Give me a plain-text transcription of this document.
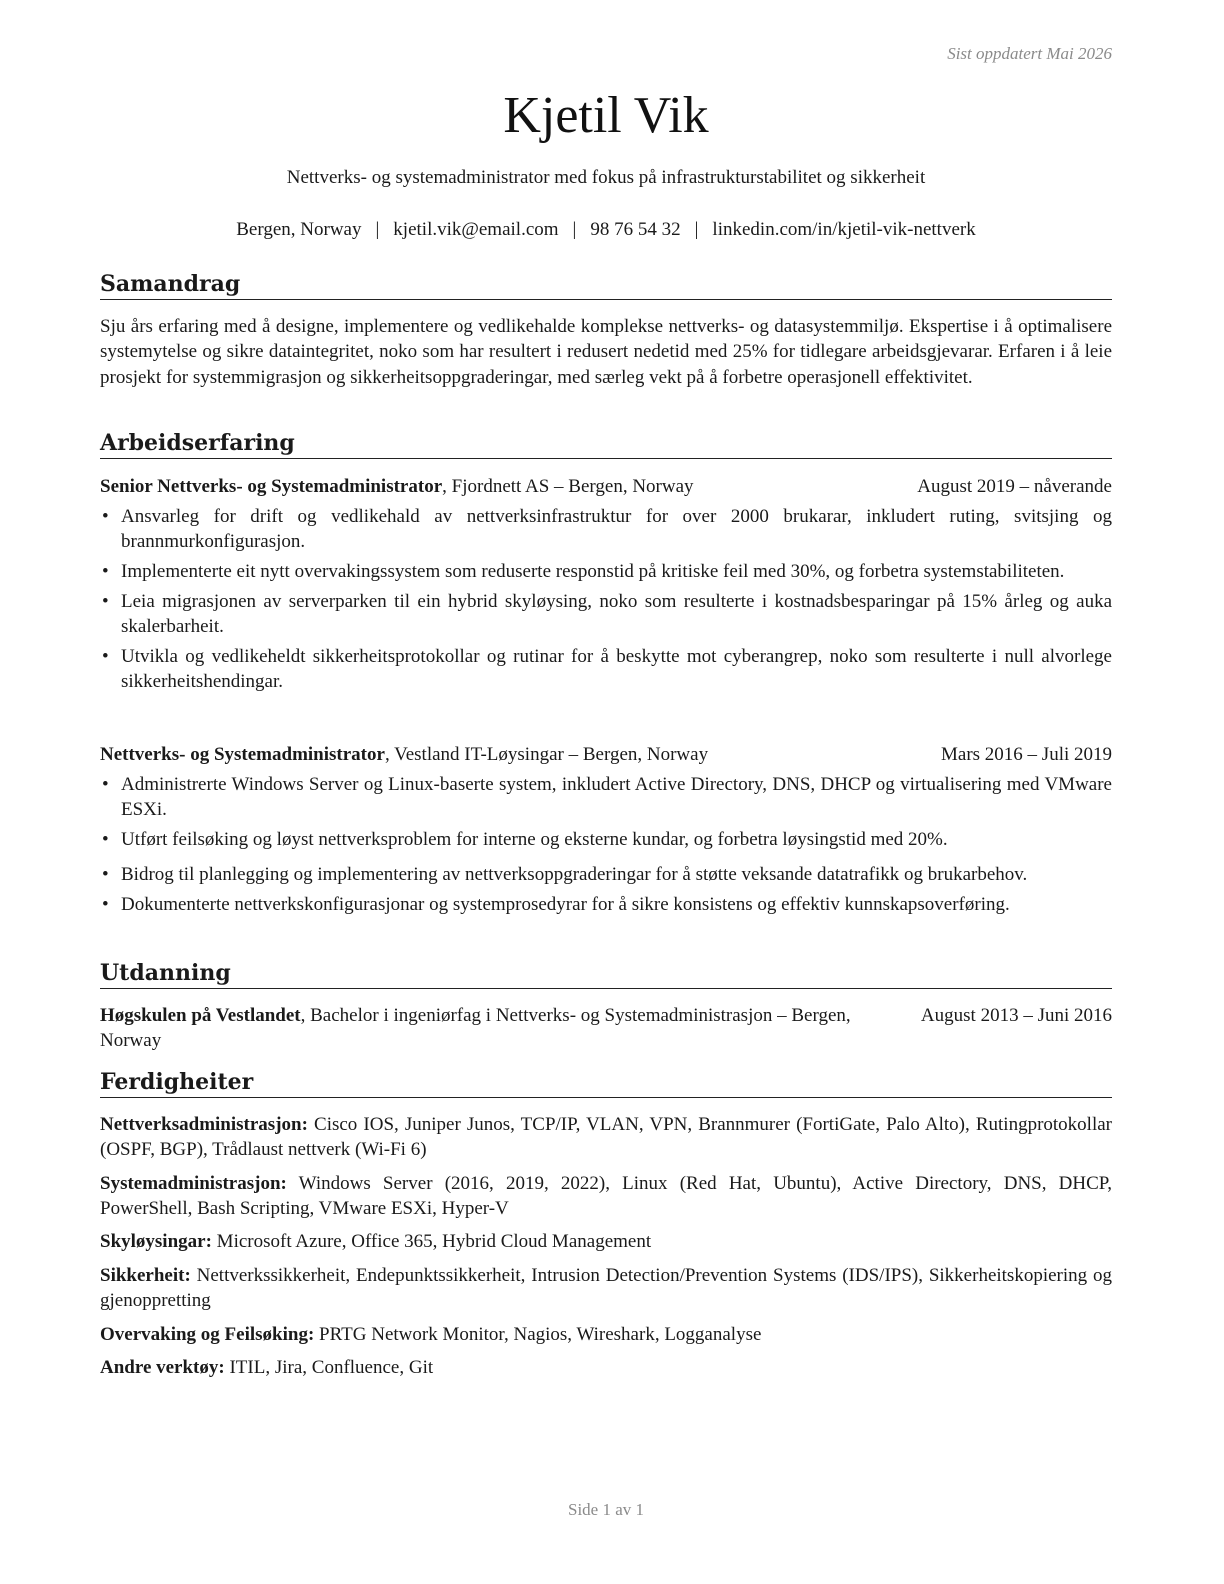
Sist oppdatert Mai 2026
Kjetil Vik
Nettverks- og systemadministrator med fokus på infrastrukturstabilitet og sikkerheit
Bergen, Norway | kjetil.vik@email.com | 98 76 54 32 | linkedin.com/in/kjetil-vik-nettverk
Samandrag
Sju års erfaring med å designe, implementere og vedlikehalde komplekse nettverks- og datasystemmiljø. Ekspertise i å optimalisere systemytelse og sikre dataintegritet, noko som har resultert i redusert nedetid med 25% for tidlegare arbeidsgjevarar. Erfaren i å leie prosjekt for systemmigrasjon og sikkerheitsoppgraderingar, med særleg vekt på å forbetre operasjonell effektivitet.
Arbeidserfaring
Senior Nettverks- og Systemadministrator, Fjordnett AS – Bergen, Norway	August 2019 – nåverande
• Ansvarleg for drift og vedlikehald av nettverksinfrastruktur for over 2000 brukarar, inkludert ruting, svitsjing og brannmurkonfigurasjon.
• Implementerte eit nytt overvakingssystem som reduserte responstid på kritiske feil med 30%, og forbetra systemstabiliteten.
• Leia migrasjonen av serverparken til ein hybrid skyløysing, noko som resulterte i kostnadsbesparingar på 15% årleg og auka skalerbarheit.
• Utvikla og vedlikeheldt sikkerheitsprotokollar og rutinar for å beskytte mot cyberangrep, noko som resulterte i null alvorlege sikkerheitshendingar.
Nettverks- og Systemadministrator, Vestland IT-Løysingar – Bergen, Norway	Mars 2016 – Juli 2019
• Administrerte Windows Server og Linux-baserte system, inkludert Active Directory, DNS, DHCP og virtualisering med VMware ESXi.
• Utført feilsøking og løyst nettverksproblem for interne og eksterne kundar, og forbetra løysingstid med 20%.
• Bidrog til planlegging og implementering av nettverksoppgraderingar for å støtte veksande datatrafikk og brukarbehov.
• Dokumenterte nettverkskonfigurasjonar og systemprosedyrar for å sikre konsistens og effektiv kunnskapsoverføring.
Utdanning
Høgskulen på Vestlandet, Bachelor i ingeniørfag i Nettverks- og Systemadministrasjon – Bergen, Norway
August 2013 – Juni 2016
Ferdigheiter
Nettverksadministrasjon: Cisco IOS, Juniper Junos, TCP/IP, VLAN, VPN, Brannmurer (FortiGate, Palo Alto), Rutingprotokollar (OSPF, BGP), Trådlaust nettverk (Wi-Fi 6)
Systemadministrasjon: Windows Server (2016, 2019, 2022), Linux (Red Hat, Ubuntu), Active Directory, DNS, DHCP, PowerShell, Bash Scripting, VMware ESXi, Hyper-V
Skyløysingar: Microsoft Azure, Office 365, Hybrid Cloud Management
Sikkerheit: Nettverkssikkerheit, Endepunktssikkerheit, Intrusion Detection/Prevention Systems (IDS/IPS), Sikkerheitskopiering og gjenoppretting
Overvaking og Feilsøking: PRTG Network Monitor, Nagios, Wireshark, Logganalyse
Andre verktøy: ITIL, Jira, Confluence, Git
Side 1 av 1
